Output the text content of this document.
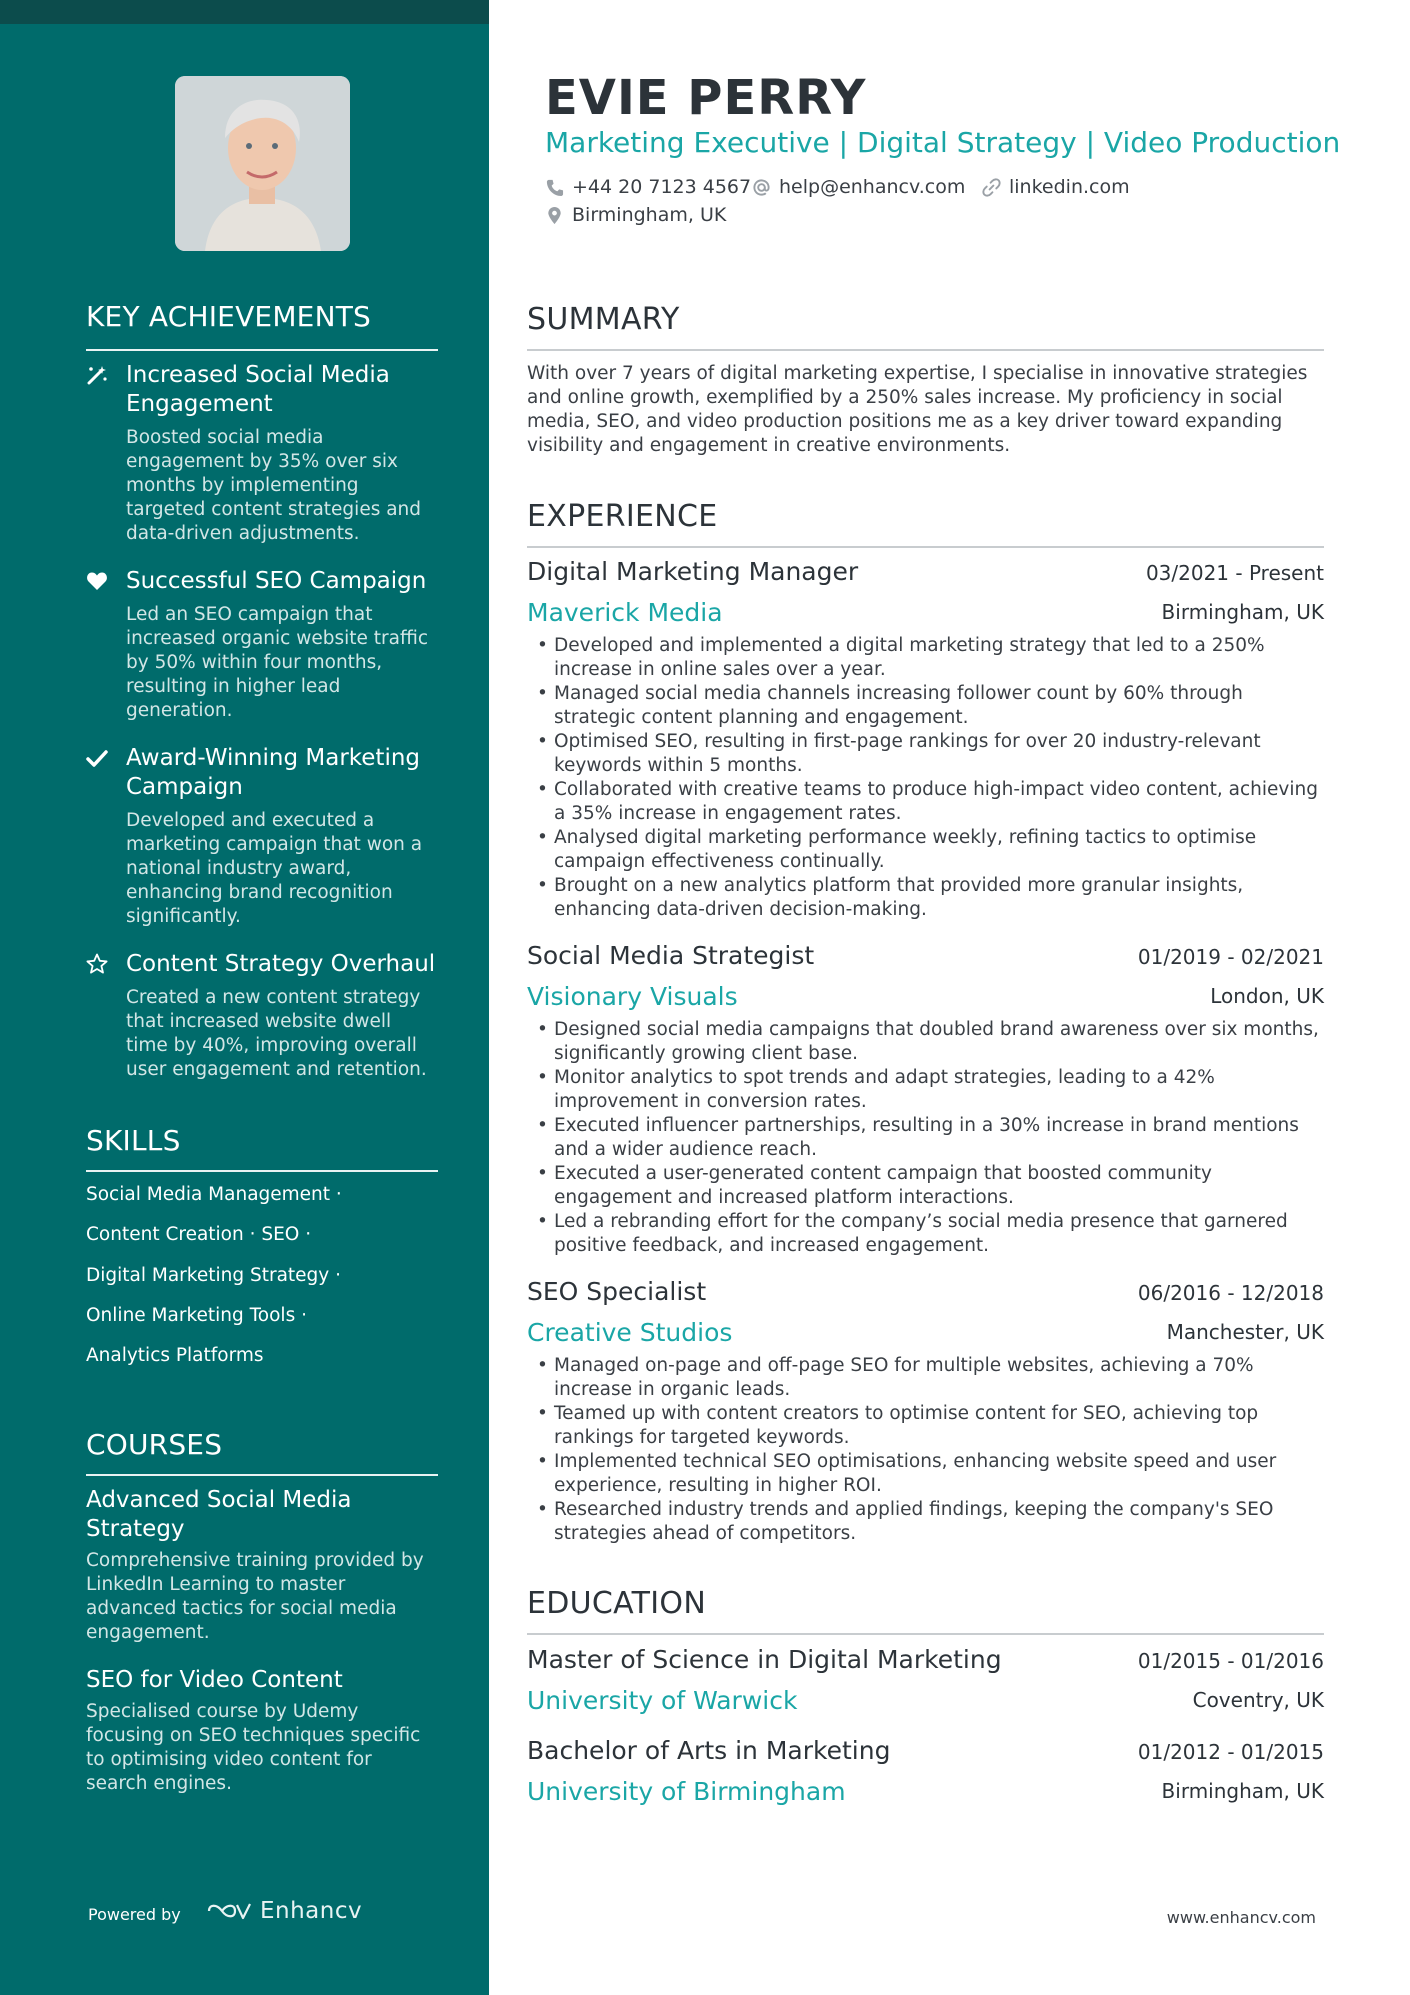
KEY ACHIEVEMENTS
Increased Social Media Engagement
Boosted social media engagement by 35% over six months by implementing targeted content strategies and data-driven adjustments.
Successful SEO Campaign
Led an SEO campaign that increased organic website traffic by 50% within four months, resulting in higher lead generation.
Award-Winning Marketing Campaign
Developed and executed a marketing campaign that won a national industry award, enhancing brand recognition significantly.
Content Strategy Overhaul
Created a new content strategy that increased website dwell time by 40%, improving overall user engagement and retention.
SKILLS
Social Media Management ·
Content Creation · SEO ·
Digital Marketing Strategy ·
Online Marketing Tools ·
Analytics Platforms
COURSES
Advanced Social Media Strategy
Comprehensive training provided by LinkedIn Learning to master advanced tactics for social media engagement.
SEO for Video Content
Specialised course by Udemy focusing on SEO techniques specific to optimising video content for search engines.
Powered by	Enhancv
EVIE PERRY
Marketing Executive | Digital Strategy | Video Production
+44 20 7123 4567 help@enhancv.com linkedin.com
Birmingham, UK
SUMMARY
With over 7 years of digital marketing expertise, I specialise in innovative strategies and online growth, exemplified by a 250% sales increase. My proficiency in social media, SEO, and video production positions me as a key driver toward expanding visibility and engagement in creative environments.
EXPERIENCE
Digital Marketing Manager	03/2021 - Present
Maverick Media	Birmingham, UK
• Developed and implemented a digital marketing strategy that led to a 250% increase in online sales over a year.
• Managed social media channels increasing follower count by 60% through strategic content planning and engagement.
• Optimised SEO, resulting in first-page rankings for over 20 industry-relevant keywords within 5 months.
• Collaborated with creative teams to produce high-impact video content, achieving a 35% increase in engagement rates.
• Analysed digital marketing performance weekly, refining tactics to optimise campaign effectiveness continually.
• Brought on a new analytics platform that provided more granular insights, enhancing data-driven decision-making.
Social Media Strategist	01/2019 - 02/2021
Visionary Visuals	London, UK
• Designed social media campaigns that doubled brand awareness over six months, significantly growing client base.
• Monitor analytics to spot trends and adapt strategies, leading to a 42% improvement in conversion rates.
• Executed influencer partnerships, resulting in a 30% increase in brand mentions and a wider audience reach.
• Executed a user-generated content campaign that boosted community engagement and increased platform interactions.
• Led a rebranding effort for the company’s social media presence that garnered positive feedback, and increased engagement.
SEO Specialist	06/2016 - 12/2018
Creative Studios	Manchester, UK
• Managed on-page and off-page SEO for multiple websites, achieving a 70% increase in organic leads.
• Teamed up with content creators to optimise content for SEO, achieving top rankings for targeted keywords.
• Implemented technical SEO optimisations, enhancing website speed and user experience, resulting in higher ROI.
• Researched industry trends and applied findings, keeping the company's SEO strategies ahead of competitors.
EDUCATION
Master of Science in Digital Marketing	01/2015 - 01/2016
University of Warwick	Coventry, UK
Bachelor of Arts in Marketing	01/2012 - 01/2015
University of Birmingham	Birmingham, UK
www.enhancv.com
